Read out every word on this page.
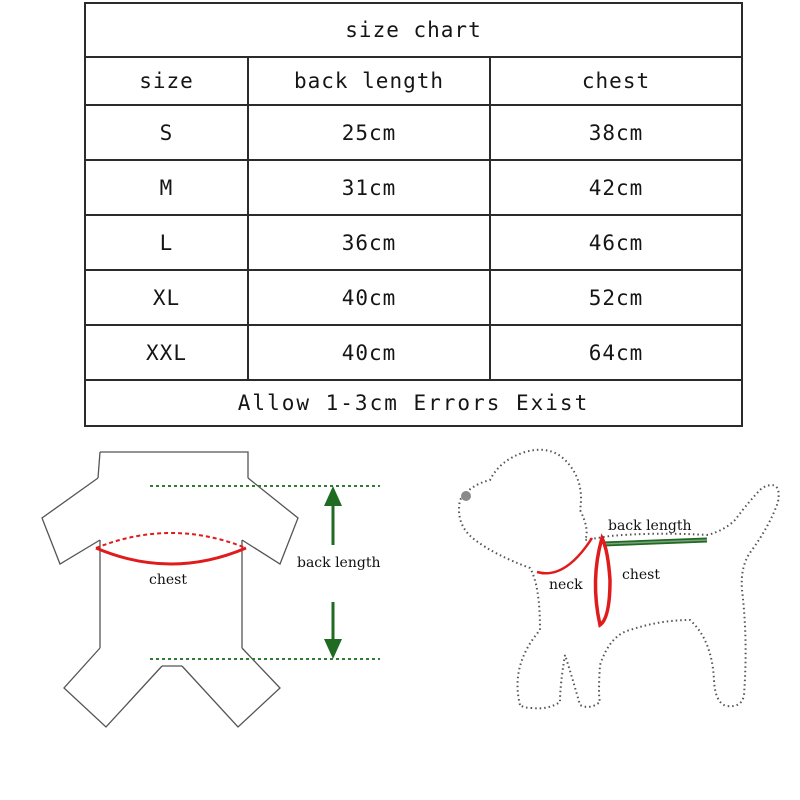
size chart		
size	back length	chest
S	25cm	38cm
M	31cm	42cm
L	36cm	46cm
XL	40cm	52cm
XXL	40cm	64cm
Allow 1-3cm Errors Exist		
chest
back length
back length
chest
neck
